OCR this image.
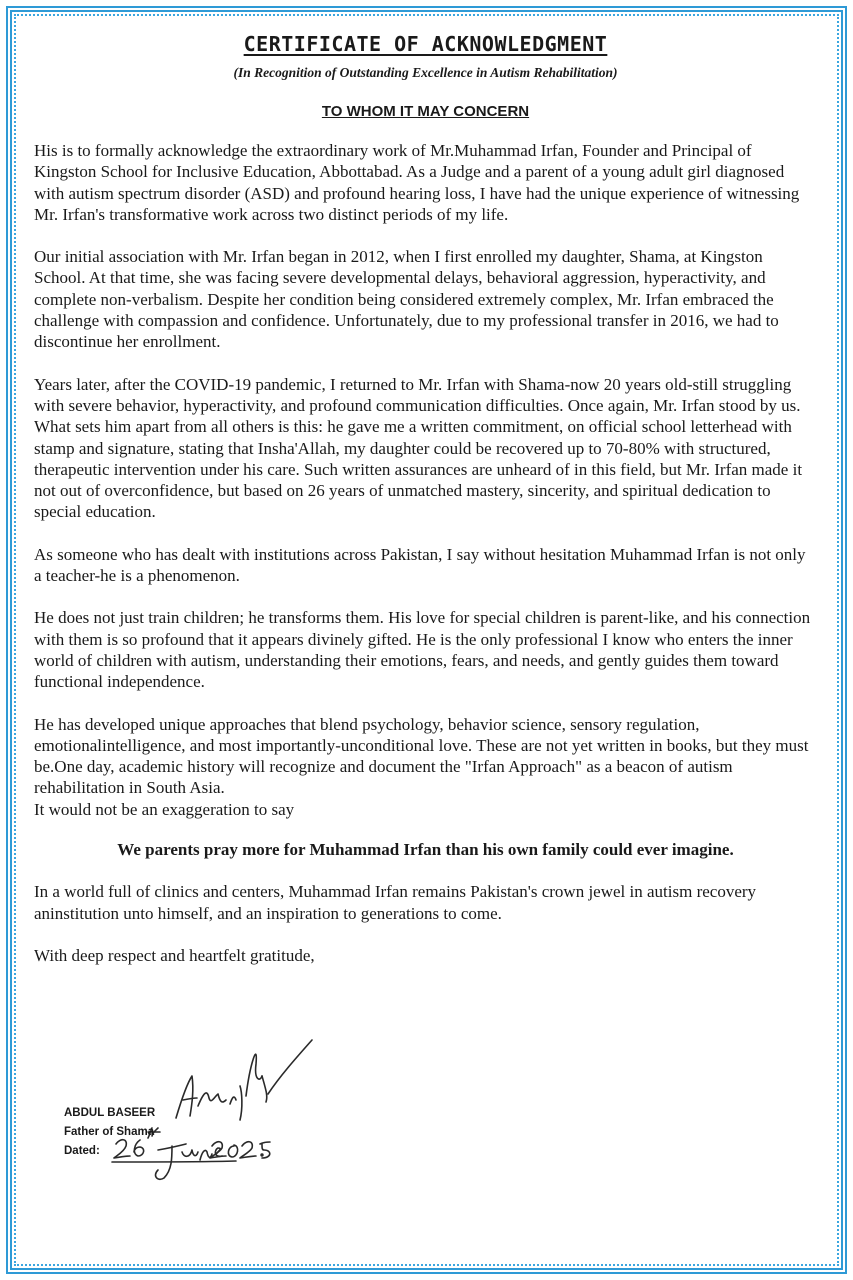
CERTIFICATE OF ACKNOWLEDGMENT
(In Recognition of Outstanding Excellence in Autism Rehabilitation)
TO WHOM IT MAY CONCERN

His is to formally acknowledge the extraordinary work of Mr.Muhammad Irfan, Founder and Principal of Kingston School for Inclusive Education, Abbottabad. As a Judge and a parent of a young adult girl diagnosed with autism spectrum disorder (ASD) and profound hearing loss, I have had the unique experience of witnessing Mr. Irfan's transformative work across two distinct periods of my life.

Our initial association with Mr. Irfan began in 2012, when I first enrolled my daughter, Shama, at Kingston School. At that time, she was facing severe developmental delays, behavioral aggression, hyperactivity, and complete non-verbalism. Despite her condition being considered extremely complex, Mr. Irfan embraced the challenge with compassion and confidence. Unfortunately, due to my professional transfer in 2016, we had to discontinue her enrollment.

Years later, after the COVID-19 pandemic, I returned to Mr. Irfan with Shama-now 20 years old-still struggling with severe behavior, hyperactivity, and profound communication difficulties. Once again, Mr. Irfan stood by us. What sets him apart from all others is this: he gave me a written commitment, on official school letterhead with stamp and signature, stating that Insha'Allah, my daughter could be recovered up to 70-80% with structured, therapeutic intervention under his care. Such written assurances are unheard of in this field, but Mr. Irfan made it not out of overconfidence, but based on 26 years of unmatched mastery, sincerity, and spiritual dedication to special education.

As someone who has dealt with institutions across Pakistan, I say without hesitation Muhammad Irfan is not only a teacher-he is a phenomenon.

He does not just train children; he transforms them. His love for special children is parent-like, and his connection with them is so profound that it appears divinely gifted. He is the only professional I know who enters the inner world of children with autism, understanding their emotions, fears, and needs, and gently guides them toward functional independence.

He has developed unique approaches that blend psychology, behavior science, sensory regulation, emotionalintelligence, and most importantly-unconditional love. These are not yet written in books, but they must be.One day, academic history will recognize and document the "Irfan Approach" as a beacon of autism rehabilitation in South Asia.

It would not be an exaggeration to say

We parents pray more for Muhammad Irfan than his own family could ever imagine.

In a world full of clinics and centers, Muhammad Irfan remains Pakistan's crown jewel in autism recovery aninstitution unto himself, and an inspiration to generations to come.

With deep respect and heartfelt gratitude,

ABDUL BASEER
Father of Shama
Dated:
